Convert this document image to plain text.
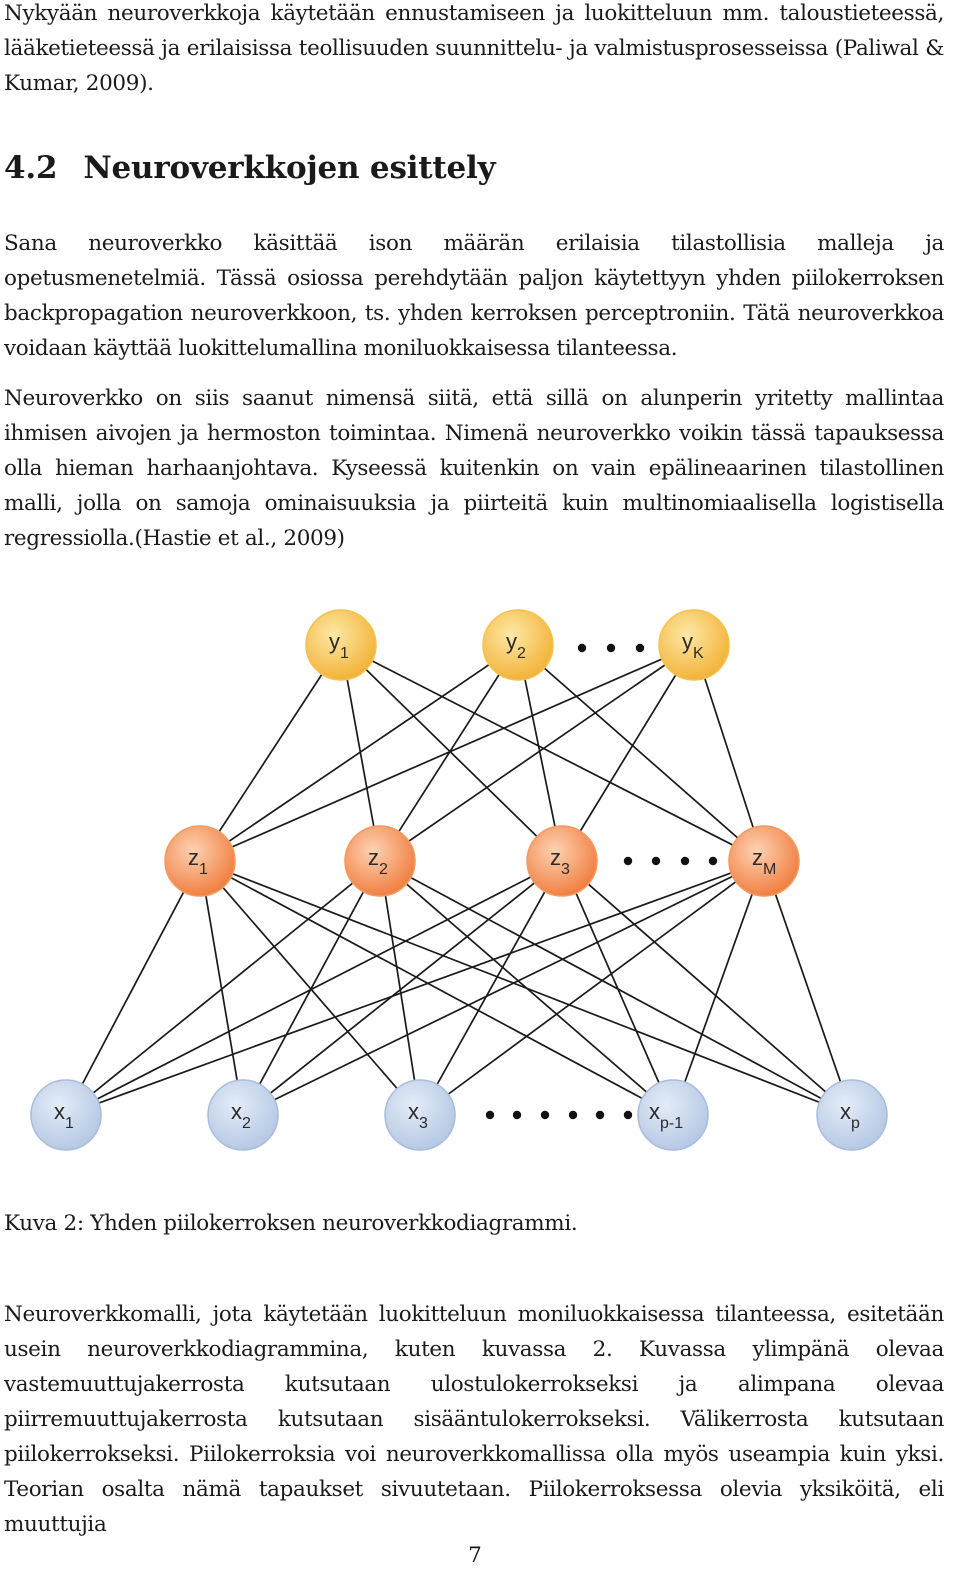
Nykyään neuroverkkoja käytetään ennustamiseen ja luokitteluun mm. taloustieteessä, lääketieteessä ja erilaisissa teollisuuden suunnittelu- ja valmistusprosesseissa (Paliwal & Kumar, 2009).

4.2 Neuroverkkojen esittely

Sana neuroverkko käsittää ison määrän erilaisia tilastollisia malleja ja opetusmenetelmiä. Tässä osiossa perehdytään paljon käytettyyn yhden piilokerroksen backpropagation neuroverkkoon, ts. yhden kerroksen perceptroniin. Tätä neuroverkkoa voidaan käyttää luokittelumallina moniluokkaisessa tilanteessa.

Neuroverkko on siis saanut nimensä siitä, että sillä on alunperin yritetty mallintaa ihmisen aivojen ja hermoston toimintaa. Nimenä neuroverkko voikin tässä tapauksessa olla hieman harhaanjohtava. Kyseessä kuitenkin on vain epälineaarinen tilastollinen malli, jolla on samoja ominaisuuksia ja piirteitä kuin multinomiaalisella logistisella regressiolla.(Hastie et al., 2009)

$y_1$	$y_2$	$y_K$
$z_1$	$z_2$	$z_3$	$z_M$
$x_1$	$x_2$	$x_3$	$x_{p-1}$	$x_p$

Kuva 2: Yhden piilokerroksen neuroverkkodiagrammi.

Neuroverkkomalli, jota käytetään luokitteluun moniluokkaisessa tilanteessa, esitetään usein neuroverkkodiagrammina, kuten kuvassa 2. Kuvassa ylimpänä olevaa vastemuuttujakerrosta kutsutaan ulostulokerrokseksi ja alimpana olevaa piirremuuttujakerrosta kutsutaan sisääntulokerrokseksi. Välikerrosta kutsutaan piilokerrokseksi. Piilokerroksia voi neuroverkkomallissa olla myös useampia kuin yksi. Teorian osalta nämä tapaukset sivuutetaan. Piilokerroksessa olevia yksiköitä, eli muuttujia

7
